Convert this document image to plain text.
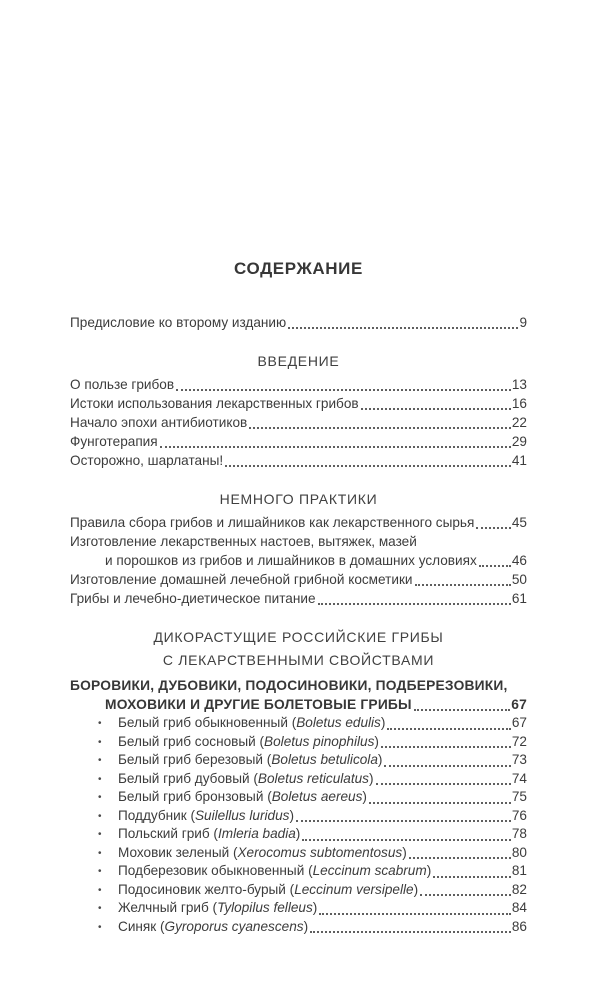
СОДЕРЖАНИЕ
Предисловие ко второму изданию	9
ВВЕДЕНИЕ
О пользе грибов	13
Истоки использования лекарственных грибов	16
Начало эпохи антибиотиков	22
Фунготерапия	29
Осторожно, шарлатаны!	41
НЕМНОГО ПРАКТИКИ
Правила сбора грибов и лишайников как лекарственного сырья	45
Изготовление лекарственных настоев, вытяжек, мазей
и порошков из грибов и лишайников в домашних условиях	46
Изготовление домашней лечебной грибной косметики	50
Грибы и лечебно-диетическое питание	61
ДИКОРАСТУЩИЕ РОССИЙСКИЕ ГРИБЫ
С ЛЕКАРСТВЕННЫМИ СВОЙСТВАМИ
БОРОВИКИ, ДУБОВИКИ, ПОДОСИНОВИКИ, ПОДБЕРЕЗОВИКИ,
МОХОВИКИ И ДРУГИЕ БОЛЕТОВЫЕ ГРИБЫ	67
•	Белый гриб обыкновенный (Boletus edulis)	67
•	Белый гриб сосновый (Boletus pinophilus)	72
•	Белый гриб березовый (Boletus betulicola)	73
•	Белый гриб дубовый (Boletus reticulatus)	74
•	Белый гриб бронзовый (Boletus aereus)	75
•	Поддубник (Suilellus luridus)	76
•	Польский гриб (Imleria badia)	78
•	Моховик зеленый (Xerocomus subtomentosus)	80
•	Подберезовик обыкновенный (Leccinum scabrum)	81
•	Подосиновик желто-бурый (Leccinum versipelle)	82
•	Желчный гриб (Tylopilus felleus)	84
•	Синяк (Gyroporus cyanescens)	86
